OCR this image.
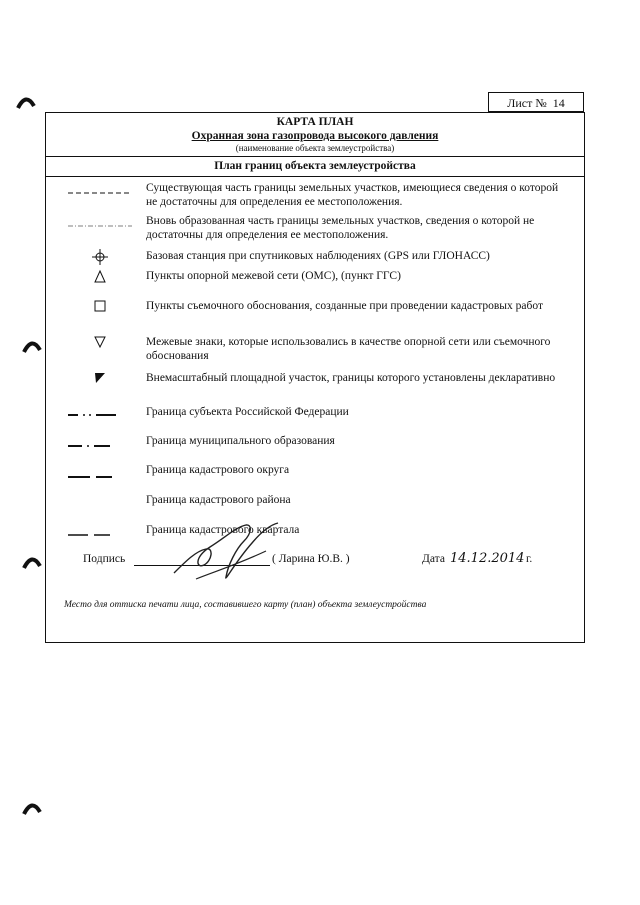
Лист № 14
КАРТА ПЛАН
Охранная зона газопровода высокого давления
(наименование объекта землеустройства)
План границ объекта землеустройства
Существующая часть границы земельных участков, имеющиеся сведения о которой не достаточны для определения ее местоположения.
Вновь образованная часть границы земельных участков, сведения о которой не достаточны для определения ее местоположения.
Базовая станция при спутниковых наблюдениях (GPS или ГЛОНАСС)
Пункты опорной межевой сети (ОМС), (пункт ГГС)
Пункты съемочного обоснования, созданные при проведении кадастровых работ
Межевые знаки, которые использовались в качестве опорной сети или съемочного обоснования
Внемасштабный площадной участок, границы которого установлены декларативно
Граница субъекта Российской Федерации
Граница муниципального образования
Граница кадастрового округа
Граница кадастрового района
Граница кадастрового квартала
Подпись	( Ларина Ю.В. )	Дата 14.12.2014 г.
Место для оттиска печати лица, составившего карту (план) объекта землеустройства
